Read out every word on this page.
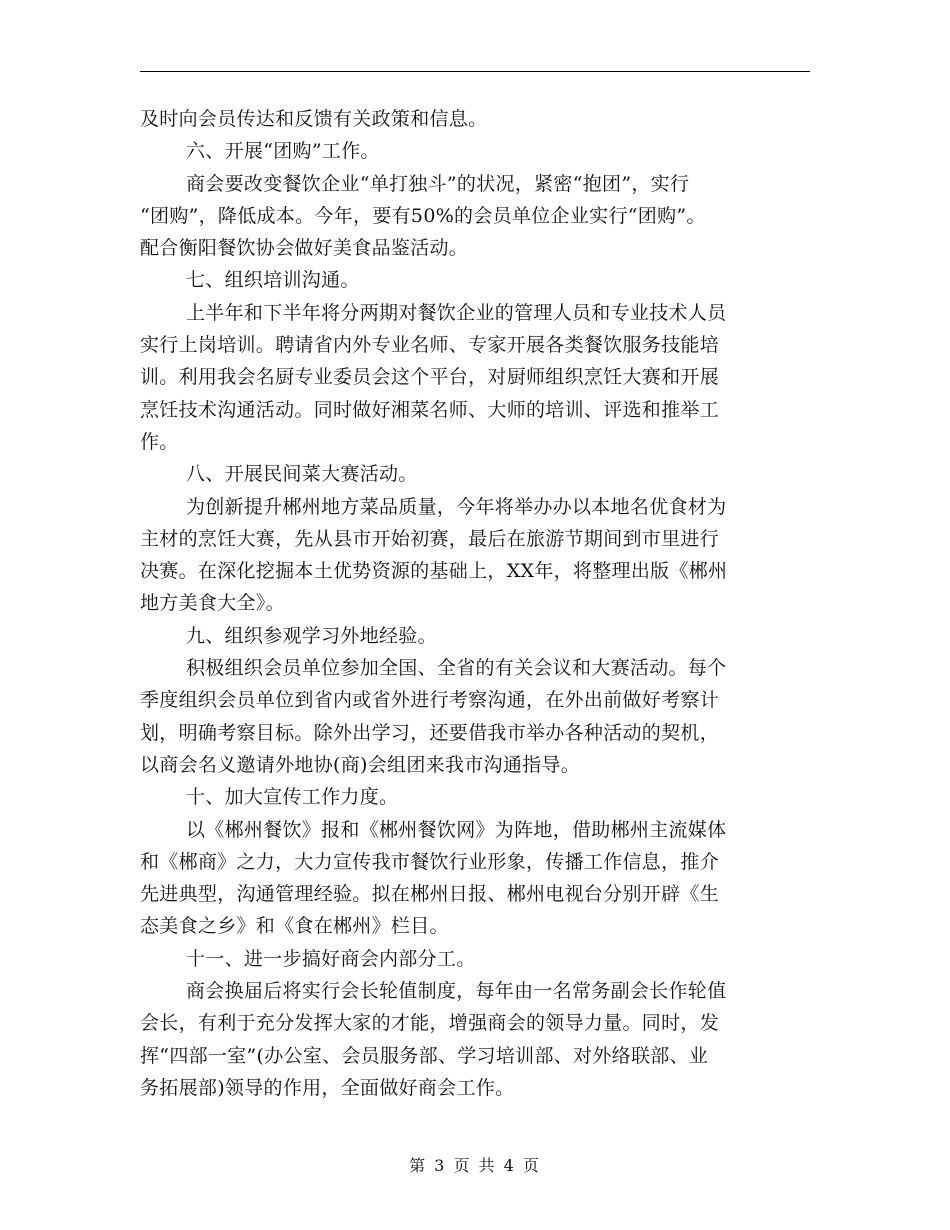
及时向会员传达和反馈有关政策和信息。
六、开展“团购”工作。
商会要改变餐饮企业“单打独斗”的状况，紧密“抱团”，实行
“团购”，降低成本。今年，要有50%的会员单位企业实行“团购”。
配合衡阳餐饮协会做好美食品鉴活动。
七、组织培训沟通。
上半年和下半年将分两期对餐饮企业的管理人员和专业技术人员
实行上岗培训。聘请省内外专业名师、专家开展各类餐饮服务技能培
训。利用我会名厨专业委员会这个平台，对厨师组织烹饪大赛和开展
烹饪技术沟通活动。同时做好湘菜名师、大师的培训、评选和推举工
作。
八、开展民间菜大赛活动。
为创新提升郴州地方菜品质量，今年将举办办以本地名优食材为
主材的烹饪大赛，先从县市开始初赛，最后在旅游节期间到市里进行
决赛。在深化挖掘本土优势资源的基础上，XX年，将整理出版《郴州
地方美食大全》。
九、组织参观学习外地经验。
积极组织会员单位参加全国、全省的有关会议和大赛活动。每个
季度组织会员单位到省内或省外进行考察沟通，在外出前做好考察计
划，明确考察目标。除外出学习，还要借我市举办各种活动的契机，
以商会名义邀请外地协(商)会组团来我市沟通指导。
十、加大宣传工作力度。
以《郴州餐饮》报和《郴州餐饮网》为阵地，借助郴州主流媒体
和《郴商》之力，大力宣传我市餐饮行业形象，传播工作信息，推介
先进典型，沟通管理经验。拟在郴州日报、郴州电视台分别开辟《生
态美食之乡》和《食在郴州》栏目。
十一、进一步搞好商会内部分工。
商会换届后将实行会长轮值制度，每年由一名常务副会长作轮值
会长，有利于充分发挥大家的才能，增强商会的领导力量。同时，发
挥“四部一室”(办公室、会员服务部、学习培训部、对外络联部、业
务拓展部)领导的作用，全面做好商会工作。
第 3 页 共 4 页
